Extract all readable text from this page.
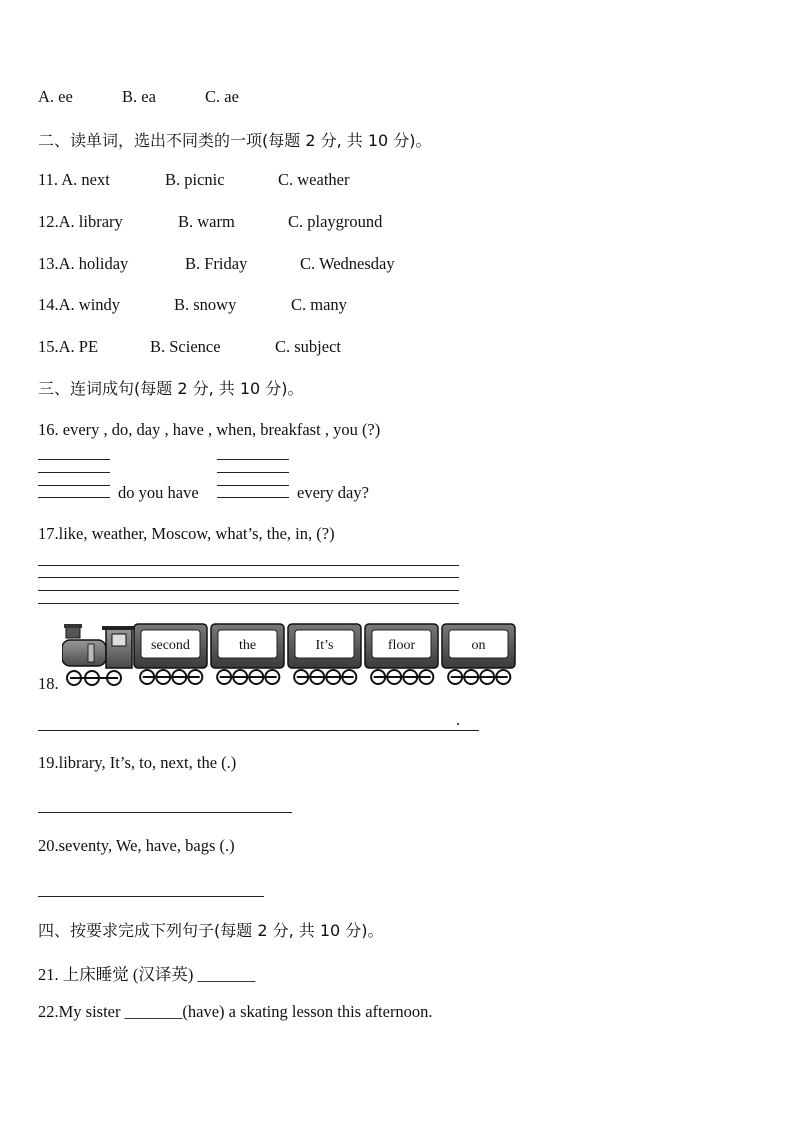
A. ee	B. ea	C. ae
二、读单词，选出不同类的一项(每题 2 分, 共 10 分)。
11. A. next	B. picnic	C. weather
12.A. library	B. warm	C. playground
13.A. holiday	B. Friday	C. Wednesday
14.A. windy	B. snowy	C. many
15.A. PE	B. Science	C. subject
三、连词成句(每题 2 分, 共 10 分)。
16. every , do, day , have , when, breakfast , you (?)
do you have	every day?
17.like, weather, Moscow, what’s, the, in, (?)
18.
second	the	It’s	floor	on
.
19.library, It’s, to, next, the (.)
20.seventy, We, have, bags (.)
四、按要求完成下列句子(每题 2 分, 共 10 分)。
21. 上床睡觉 (汉译英) _______
22.My sister _______(have) a skating lesson this afternoon.
